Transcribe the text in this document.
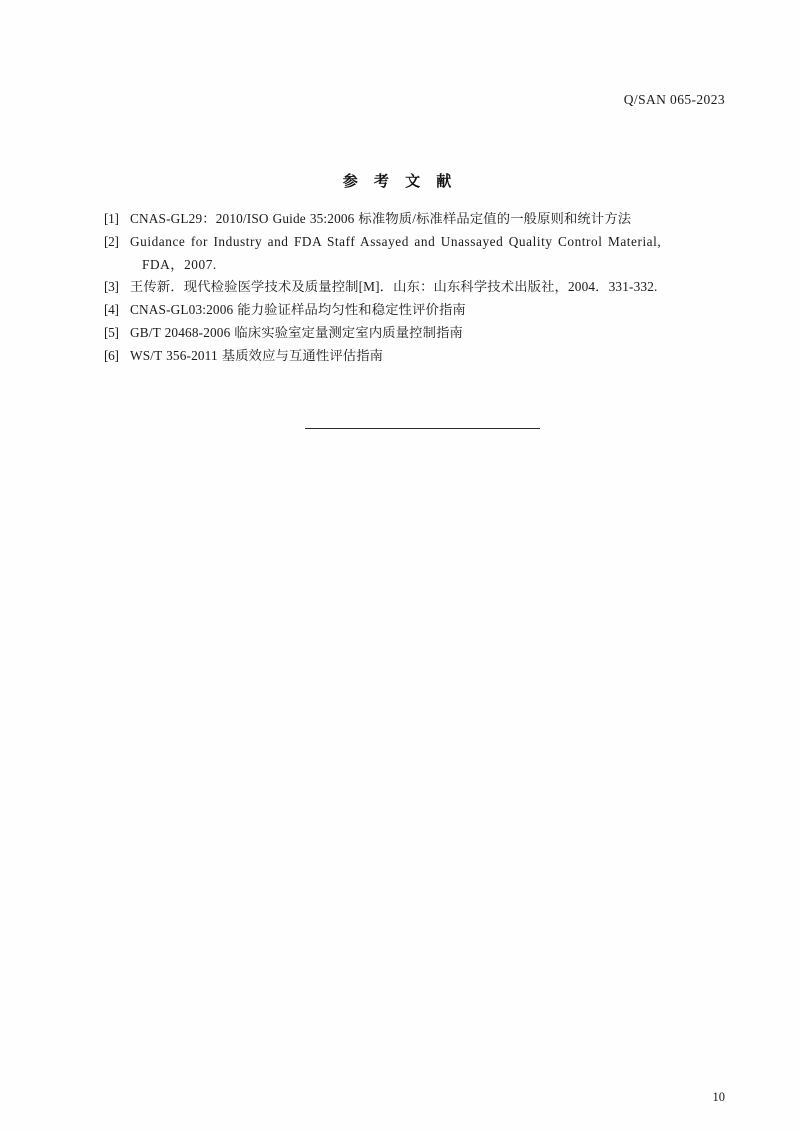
Q/SAN 065-2023
参 考 文 献
[1] CNAS-GL29：2010/ISO Guide 35:2006 标准物质/标准样品定值的一般原则和统计方法
[2] Guidance for Industry and FDA Staff Assayed and Unassayed Quality Control Material,
FDA，2007.
[3] 王传新．现代检验医学技术及质量控制[M]．山东：山东科学技术出版社，2004．331-332.
[4] CNAS-GL03:2006 能力验证样品均匀性和稳定性评价指南
[5] GB/T 20468-2006 临床实验室定量测定室内质量控制指南
[6] WS/T 356-2011 基质效应与互通性评估指南
10
